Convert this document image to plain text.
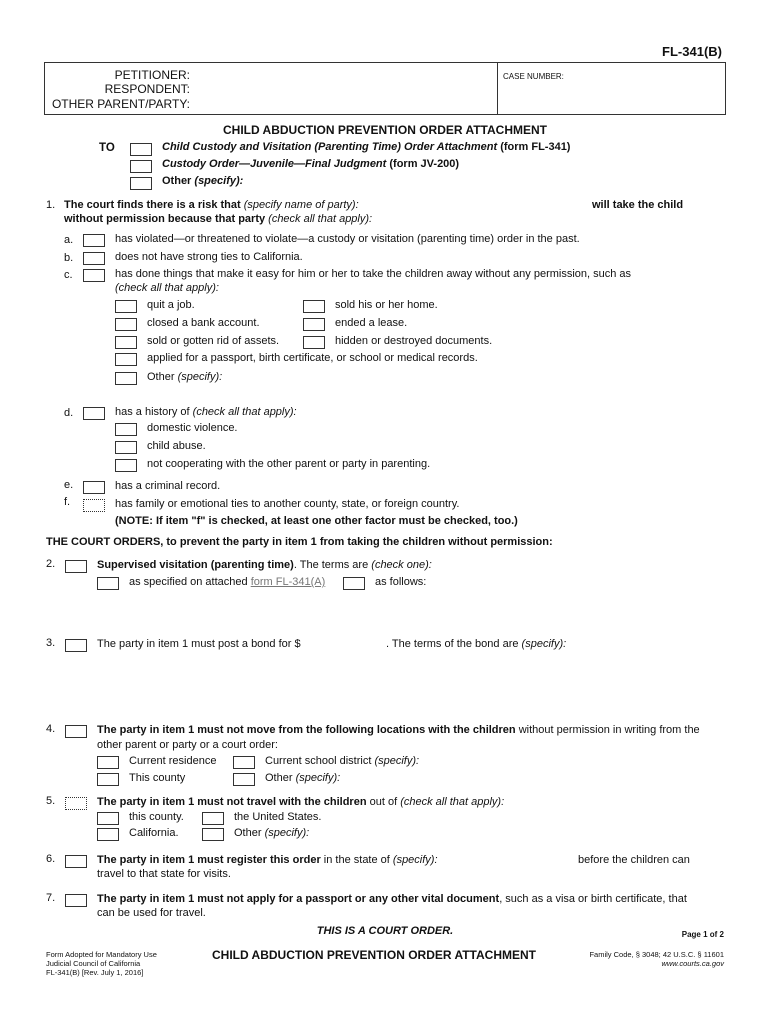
FL-341(B)
PETITIONER:
RESPONDENT:
OTHER PARENT/PARTY:
CASE NUMBER:
CHILD ABDUCTION PREVENTION ORDER ATTACHMENT
TO	Child Custody and Visitation (Parenting Time) Order Attachment (form FL-341)
Custody Order—Juvenile—Final Judgment (form JV-200)
Other (specify):
1. The court finds there is a risk that (specify name of party):	will take the child
without permission because that party (check all that apply):
a.	has violated—or threatened to violate—a custody or visitation (parenting time) order in the past.
b.	does not have strong ties to California.
c.	has done things that make it easy for him or her to take the children away without any permission, such as
(check all that apply):
quit a job.	sold his or her home.
closed a bank account.	ended a lease.
sold or gotten rid of assets.	hidden or destroyed documents.
applied for a passport, birth certificate, or school or medical records.
Other (specify):
d.	has a history of (check all that apply):
domestic violence.
child abuse.
not cooperating with the other parent or party in parenting.
e.	has a criminal record.
f.	has family or emotional ties to another county, state, or foreign country.
(NOTE: If item "f" is checked, at least one other factor must be checked, too.)
THE COURT ORDERS, to prevent the party in item 1 from taking the children without permission:
2.	Supervised visitation (parenting time). The terms are (check one):
as specified on attached form FL-341(A)	as follows:
3.	The party in item 1 must post a bond for $	. The terms of the bond are (specify):
4.	The party in item 1 must not move from the following locations with the children without permission in writing from the
other parent or party or a court order:
Current residence	Current school district (specify):
This county	Other (specify):
5.	The party in item 1 must not travel with the children out of (check all that apply):
this county.	the United States.
California.	Other (specify):
6.	The party in item 1 must register this order in the state of (specify):	before the children can
travel to that state for visits.
7.	The party in item 1 must not apply for a passport or any other vital document, such as a visa or birth certificate, that
can be used for travel.
THIS IS A COURT ORDER.	Page 1 of 2
Form Adopted for Mandatory Use
Judicial Council of California
FL-341(B) [Rev. July 1, 2016]
CHILD ABDUCTION PREVENTION ORDER ATTACHMENT	Family Code, § 3048; 42 U.S.C. § 11601
www.courts.ca.gov
